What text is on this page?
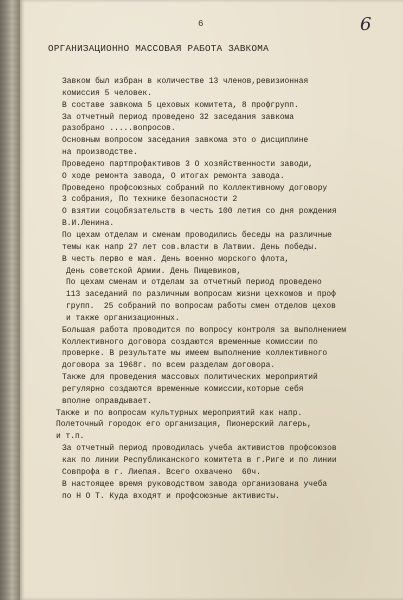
6	6
ОРГАНИЗАЦИОННО МАССОВАЯ РАБОТА ЗАВКОМА
Завком был избран в количестве 13 членов,ревизионная
комиссия 5 человек.
В составе завкома 5 цеховых комитета, 8 профгрупп.
За отчетный период проведено 32 заседания завкома
разобрано .....вопросов.
Основным вопросом заседания завкома это о дисциплине
на производстве.
Проведено партпрофактивов 3 О хозяйственности заводи,
О ходе ремонта завода, О итогах ремонта завода.
Проведено профсоюзных собраний по Коллективному договору
3 собрания, По технике безопасности 2
О взятии соцобязательств в честь 100 летия со дня рождения
В.И.Ленина.
По цехам отделам и сменам проводились беседы на различные
темы как напр 27 лет сов.власти в Латвии. День победы.
В честь перво е мая. День военно морского флота,
День советской Армии. День Пищевиков,
По цехам сменам и отделам за отчетный период проведено
113 заседаний по различным вопросам жизни цехкомов и проф
групп.  25 собраний по вопросам работы смен отделов цехов
и также организационных.
Большая работа проводится по вопросу контроля за выполнением
Коллективного договора создаются временные комиссии по
проверке. В результате мы имеем выполнение коллективного
договора за 1968г. по всем разделам договора.
Также для проведения массовых политических мероприятий
регулярно создаются временные комиссии,которые себя
вполне оправдывает.
Также и по вопросам культурных мероприятий как напр.
Полеточный городок его организация, Пионерский лагерь,
и т.п.
За отчетный период проводилась учеба активистов профсоюзов
как по линии Республиканского комитета в г.Риге и по линии
Совпрофа в г. Лиепая. Всего охвачено  60ч.
В настоящее время руководством завода организована учеба
по Н О Т. Куда входят и профсоюзные активисты.
